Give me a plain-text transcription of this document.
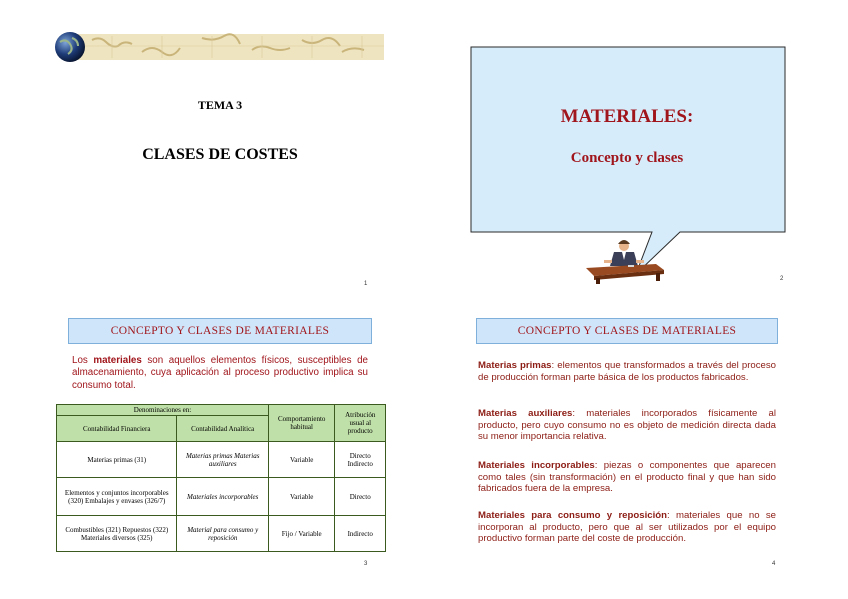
TEMA 3
CLASES DE COSTES
1
MATERIALES:
Concepto y clases
2
CONCEPTO Y CLASES DE MATERIALES
Los materiales son aquellos elementos físicos, susceptibles de almacenamiento, cuya aplicación al proceso productivo implica su consumo total.
Denominaciones en:		Comportamiento habitual	Atribución usual al producto
Contabilidad Financiera	Contabilidad Analítica		
Materias primas (31)	Materias primas Materias auxiliares	Variable	Directo Indirecto
Elementos y conjuntos incorporables (320) Embalajes y envases (326/7)	Materiales incorporables	Variable	Directo
Combustibles (321) Repuestos (322) Materiales diversos (325)	Material para consumo y reposición	Fijo / Variable	Indirecto
3
CONCEPTO Y CLASES DE MATERIALES
Materias primas: elementos que transformados a través del proceso de producción forman parte básica de los productos fabricados.
Materias auxiliares: materiales incorporados físicamente al producto, pero cuyo consumo no es objeto de medición directa dada su menor importancia relativa.
Materiales incorporables: piezas o componentes que aparecen como tales (sin transformación) en el producto final y que han sido fabricados fuera de la empresa.
Materiales para consumo y reposición: materiales que no se incorporan al producto, pero que al ser utilizados por el equipo productivo forman parte del coste de producción.
4
